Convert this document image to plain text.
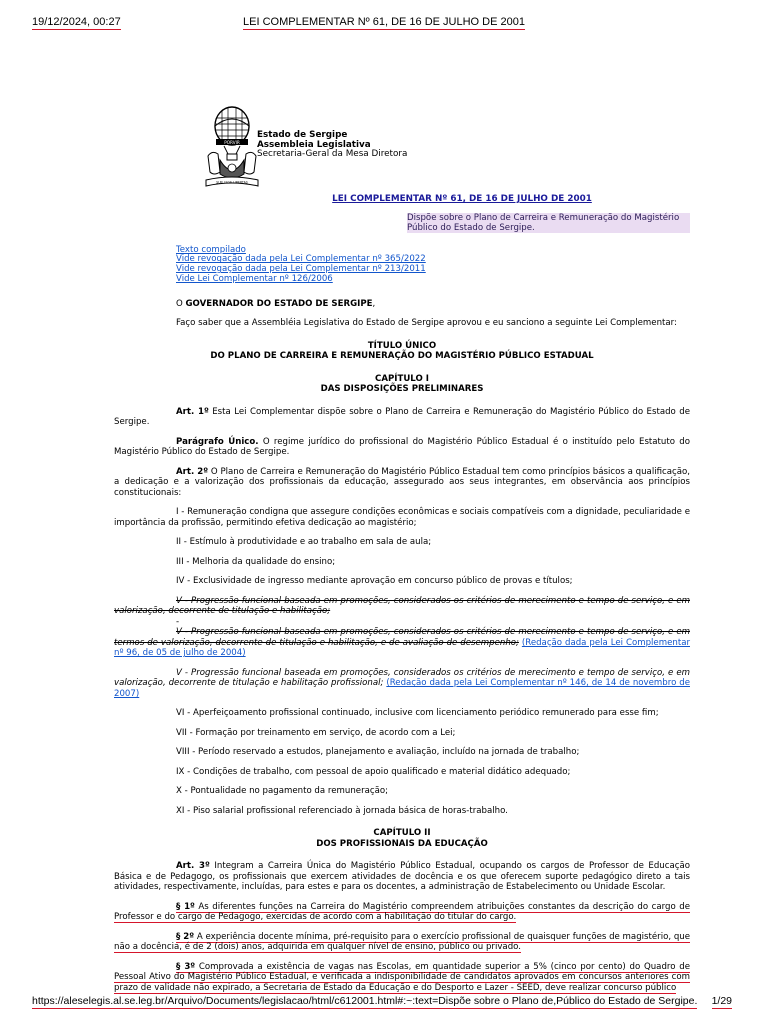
19/12/2024, 00:27	LEI COMPLEMENTAR Nº 61, DE 16 DE JULHO DE 2001
PORVIR
SUB LEGE LIBERTAS
Estado de Sergipe
Assembleia Legislativa
Secretaria-Geral da Mesa Diretora
LEI COMPLEMENTAR Nº 61, DE 16 DE JULHO DE 2001
Dispõe sobre o Plano de Carreira e Remuneração do Magistério Público do Estado de Sergipe.
Texto compilado
Vide revogação dada pela Lei Complementar nº 365/2022
Vide revogação dada pela Lei Complementar nº 213/2011
Vide Lei Complementar nº 126/2006

O GOVERNADOR DO ESTADO DE SERGIPE,

Faço saber que a Assembléia Legislativa do Estado de Sergipe aprovou e eu sanciono a seguinte Lei Complementar:

TÍTULO ÚNICO
DO PLANO DE CARREIRA E REMUNERAÇÃO DO MAGISTÉRIO PÚBLICO ESTADUAL
CAPÍTULO I
DAS DISPOSIÇÕES PRELIMINARES

Art. 1º Esta Lei Complementar dispõe sobre o Plano de Carreira e Remuneração do Magistério Público do Estado de Sergipe.

Parágrafo Único. O regime jurídico do profissional do Magistério Público Estadual é o instituído pelo Estatuto do Magistério Público do Estado de Sergipe.

Art. 2º O Plano de Carreira e Remuneração do Magistério Público Estadual tem como princípios básicos a qualificação, a dedicação e a valorização dos profissionais da educação, assegurado aos seus integrantes, em observância aos princípios constitucionais:

I - Remuneração condigna que assegure condições econômicas e sociais compatíveis com a dignidade, peculiaridade e importância da profissão, permitindo efetiva dedicação ao magistério;

II - Estímulo à produtividade e ao trabalho em sala de aula;

III - Melhoria da qualidade do ensino;

IV - Exclusividade de ingresso mediante aprovação em concurso público de provas e títulos;

V - Progressão funcional baseada em promoções, considerados os critérios de merecimento e tempo de serviço, e em valorização, decorrente de titulação e habilitação;

-

V - Progressão funcional baseada em promoções, considerados os critérios de merecimento e tempo de serviço, e em termos de valorização, decorrente de titulação e habilitação, e de avaliação de desempenho; (Redação dada pela Lei Complementar nº 96, de 05 de julho de 2004)

V - Progressão funcional baseada em promoções, considerados os critérios de merecimento e tempo de serviço, e em valorização, decorrente de titulação e habilitação profissional; (Redação dada pela Lei Complementar nº 146, de 14 de novembro de 2007)

VI - Aperfeiçoamento profissional continuado, inclusive com licenciamento periódico remunerado para esse fim;

VII - Formação por treinamento em serviço, de acordo com a Lei;

VIII - Período reservado a estudos, planejamento e avaliação, incluído na jornada de trabalho;

IX - Condições de trabalho, com pessoal de apoio qualificado e material didático adequado;

X - Pontualidade no pagamento da remuneração;

XI - Piso salarial profissional referenciado à jornada básica de horas-trabalho.

CAPÍTULO II
DOS PROFISSIONAIS DA EDUCAÇÃO

Art. 3º Integram a Carreira Única do Magistério Público Estadual, ocupando os cargos de Professor de Educação Básica e de Pedagogo, os profissionais que exercem atividades de docência e os que oferecem suporte pedagógico direto a tais atividades, respectivamente, incluídas, para estes e para os docentes, a administração de Estabelecimento ou Unidade Escolar.

§ 1º As diferentes funções na Carreira do Magistério compreendem atribuições constantes da descrição do cargo de Professor e do cargo de Pedagogo, exercidas de acordo com a habilitação do titular do cargo.

§ 2º A experiência docente mínima, pré-requisito para o exercício profissional de quaisquer funções de magistério, que não a docência, é de 2 (dois) anos, adquirida em qualquer nível de ensino, público ou privado.

§ 3º Comprovada a existência de vagas nas Escolas, em quantidade superior a 5% (cinco por cento) do Quadro de Pessoal Ativo do Magistério Público Estadual, e verificada a indisponibilidade de candidatos aprovados em concursos anteriores com prazo de validade não expirado, a Secretaria de Estado da Educação e do Desporto e Lazer - SEED, deve realizar concurso público

https://aleselegis.al.se.leg.br/Arquivo/Documents/legislacao/html/c612001.html#:~:text=Dispõe sobre o Plano de,Público do Estado de Sergipe. 1/29
